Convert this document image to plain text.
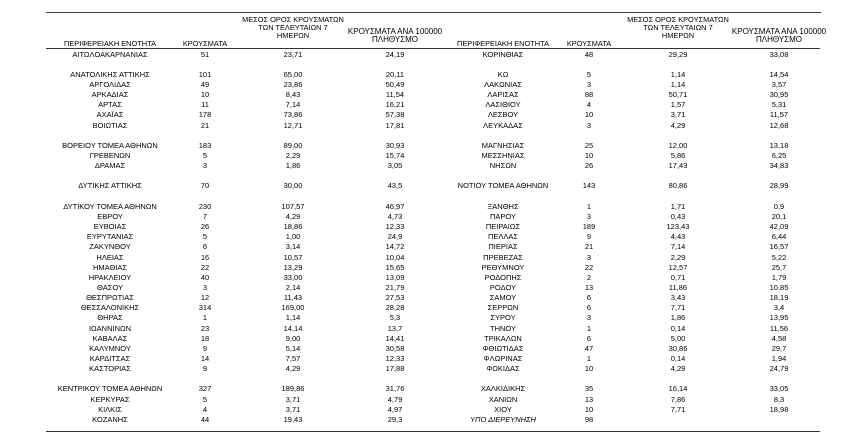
ΠΕΡΙΦΕΡΕΙΑΚΗ ΕΝΟΤΗΤΑ	ΚΡΟΥΣΜΑΤΑ
ΜΕΣΟΣ ΟΡΟΣ ΚΡΟΥΣΜΑΤΩΝ
ΤΩΝ ΤΕΛΕΥΤΑΙΩΝ 7
ΗΜΕΡΩΝ	ΚΡΟΥΣΜΑΤΑ ΑΝΑ 100000
ΠΛΗΘΥΣΜΟ	ΠΕΡΙΦΕΡΕΙΑΚΗ ΕΝΟΤΗΤΑ	ΚΡΟΥΣΜΑΤΑ
ΜΕΣΟΣ ΟΡΟΣ ΚΡΟΥΣΜΑΤΩΝ
ΤΩΝ ΤΕΛΕΥΤΑΙΩΝ 7
ΗΜΕΡΩΝ	ΚΡΟΥΣΜΑΤΑ ΑΝΑ 100000
ΠΛΗΘΥΣΜΟ
ΑΙΤΩΛΟΑΚΑΡΝΑΝΙΑΣ	51	23,71	24,19
ΑΝΑΤΟΛΙΚΗΣ ΑΤΤΙΚΗΣ	101	65,00	20,11
ΑΡΓΟΛΙΔΑΣ	49	23,86	50,49
ΑΡΚΑΔΙΑΣ	10	8,43	11,54
ΑΡΤΑΣ	11	7,14	16,21
ΑΧΑΪΑΣ	178	73,86	57,38
ΒΟΙΩΤΙΑΣ	21	12,71	17,81
ΒΟΡΕΙΟΥ ΤΟΜΕΑ ΑΘΗΝΩΝ	183	89,00	30,93
ΓΡΕΒΕΝΩΝ	5	2,29	15,74
ΔΡΑΜΑΣ	3	1,86	3,05
ΔΥΤΙΚΗΣ ΑΤΤΙΚΗΣ	70	30,00	43,5
ΔΥΤΙΚΟΥ ΤΟΜΕΑ ΑΘΗΝΩΝ	230	107,57	46,97
ΕΒΡΟΥ	7	4,29	4,73
ΕΥΒΟΙΑΣ	26	18,86	12,33
ΕΥΡΥΤΑΝΙΑΣ	5	1,00	24,9
ΖΑΚΥΝΘΟΥ	6	3,14	14,72
ΗΛΕΙΑΣ	16	10,57	10,04
ΗΜΑΘΙΑΣ	22	13,29	15,65
ΗΡΑΚΛΕΙΟΥ	40	33,00	13,09
ΘΑΣΟΥ	3	2,14	21,79
ΘΕΣΠΡΩΤΙΑΣ	12	11,43	27,53
ΘΕΣΣΑΛΟΝΙΚΗΣ	314	169,00	28,28
ΘΗΡΑΣ	1	1,14	5,3
ΙΩΑΝΝΙΝΩΝ	23	14,14	13,7
ΚΑΒΑΛΑΣ	18	9,00	14,41
ΚΑΛΥΜΝΟΥ	9	5,14	30,58
ΚΑΡΔΙΤΣΑΣ	14	7,57	12,33
ΚΑΣΤΟΡΙΑΣ	9	4,29	17,88
ΚΕΝΤΡΙΚΟΥ ΤΟΜΕΑ ΑΘΗΝΩΝ	327	189,86	31,76
ΚΕΡΚΥΡΑΣ	5	3,71	4,79
ΚΙΛΚΙΣ	4	3,71	4,97
ΚΟΖΑΝΗΣ	44	19,43	29,3
ΚΟΡΙΝΘΙΑΣ	48	29,29	33,08
ΚΩ	5	1,14	14,54
ΛΑΚΩΝΙΑΣ	3	1,14	3,57
ΛΑΡΙΣΑΣ	88	50,71	30,95
ΛΑΣΙΘΙΟΥ	4	1,57	5,31
ΛΕΣΒΟΥ	10	3,71	11,57
ΛΕΥΚΑΔΑΣ	3	4,29	12,68
ΜΑΓΝΗΣΙΑΣ	25	12,00	13,18
ΜΕΣΣΗΝΙΑΣ	10	5,86	6,25
ΝΗΣΩΝ	26	17,43	34,83
ΝΟΤΙΟΥ ΤΟΜΕΑ ΑΘΗΝΩΝ	143	80,86	28,99
ΞΑΝΘΗΣ	1	1,71	0,9
ΠΑΡΟΥ	3	0,43	20,1
ΠΕΙΡΑΙΩΣ	189	123,43	42,09
ΠΕΛΛΑΣ	9	4,43	6,44
ΠΙΕΡΙΑΣ	21	7,14	16,57
ΠΡΕΒΕΖΑΣ	3	2,29	5,22
ΡΕΘΥΜΝΟΥ	22	12,57	25,7
ΡΟΔΟΠΗΣ	2	0,71	1,79
ΡΟΔΟΥ	13	11,86	10,85
ΣΑΜΟΥ	6	3,43	18,19
ΣΕΡΡΩΝ	6	7,71	3,4
ΣΥΡΟΥ	3	1,86	13,95
ΤΗΝΟΥ	1	0,14	11,56
ΤΡΙΚΑΛΩΝ	6	5,00	4,58
ΦΘΙΩΤΙΔΑΣ	47	30,86	29,7
ΦΛΩΡΙΝΑΣ	1	0,14	1,94
ΦΩΚΙΔΑΣ	10	4,29	24,79
ΧΑΛΚΙΔΙΚΗΣ	35	16,14	33,05
ΧΑΝΙΩΝ	13	7,86	8,3
ΧΙΟΥ	10	7,71	18,98
ΥΠΟ ΔΙΕΡΕΥΝΗΣΗ	98
